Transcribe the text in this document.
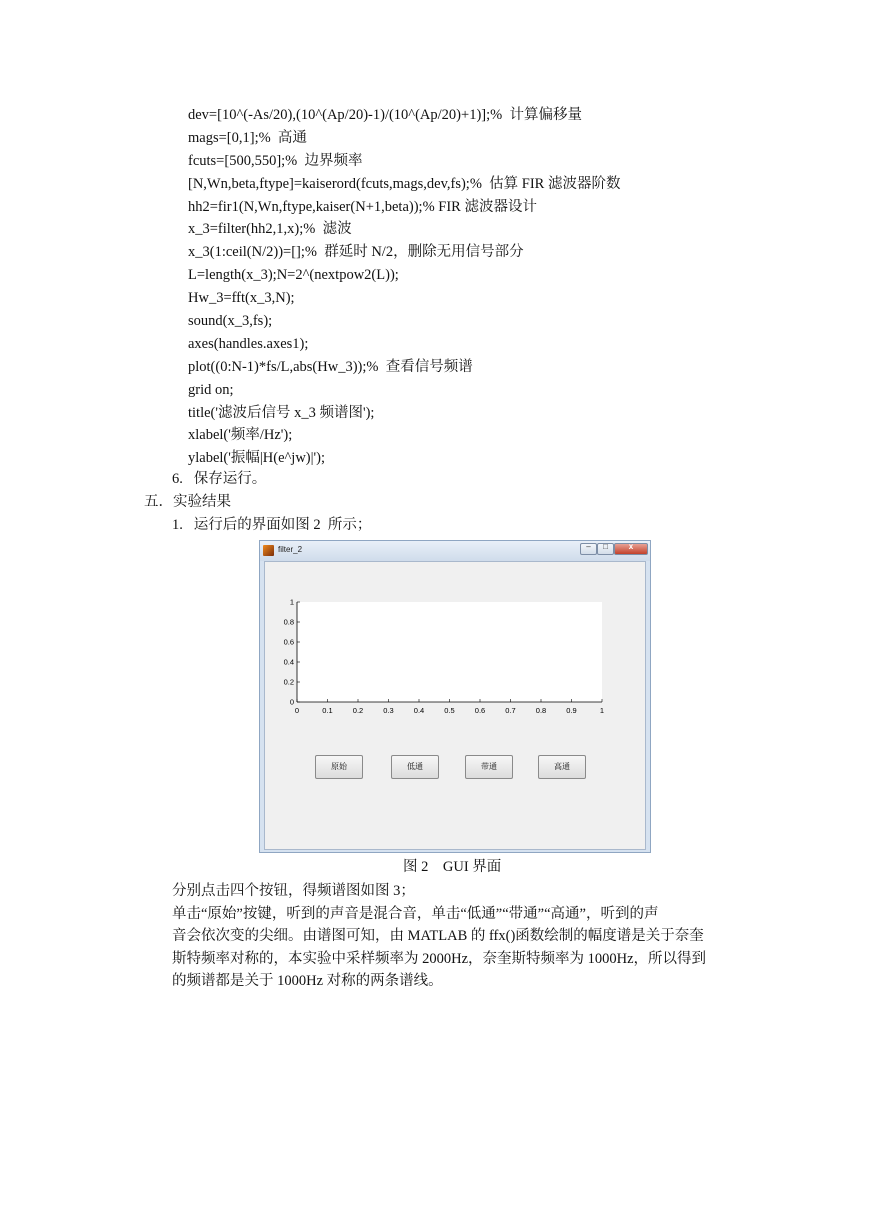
dev=[10^(-As/20),(10^(Ap/20)-1)/(10^(Ap/20)+1)];%  计算偏移量
mags=[0,1];%  高通
fcuts=[500,550];%  边界频率
[N,Wn,beta,ftype]=kaiserord(fcuts,mags,dev,fs);%  估算 FIR 滤波器阶数
hh2=fir1(N,Wn,ftype,kaiser(N+1,beta));% FIR 滤波器设计
x_3=filter(hh2,1,x);%  滤波
x_3(1:ceil(N/2))=[];%  群延时 N/2，删除无用信号部分
L=length(x_3);N=2^(nextpow2(L));
Hw_3=fft(x_3,N);
sound(x_3,fs);
axes(handles.axes1);
plot((0:N-1)*fs/L,abs(Hw_3));%  查看信号频谱
grid on;
title('滤波后信号 x_3 频谱图');
xlabel('频率/Hz');
ylabel('振幅|H(e^jw)|');
6.   保存运行。
五．实验结果
1.   运行后的界面如图 2  所示；
filter_2	–	□	x
0	0.1	0.2	0.3	0.4	0.5	0.6	0.7	0.8	0.9	1
0
0.2
0.4
0.6
0.8
1
原始	低通	带通	高通
图 2    GUI 界面
分别点击四个按钮，得频谱图如图 3；
单击“原始”按键，听到的声音是混合音，单击“低通”“带通”“高通”，听到的声
音会依次变的尖细。由谱图可知，由 MATLAB 的 ffx()函数绘制的幅度谱是关于奈奎
斯特频率对称的，本实验中采样频率为 2000Hz，奈奎斯特频率为 1000Hz，所以得到
的频谱都是关于 1000Hz 对称的两条谱线。
